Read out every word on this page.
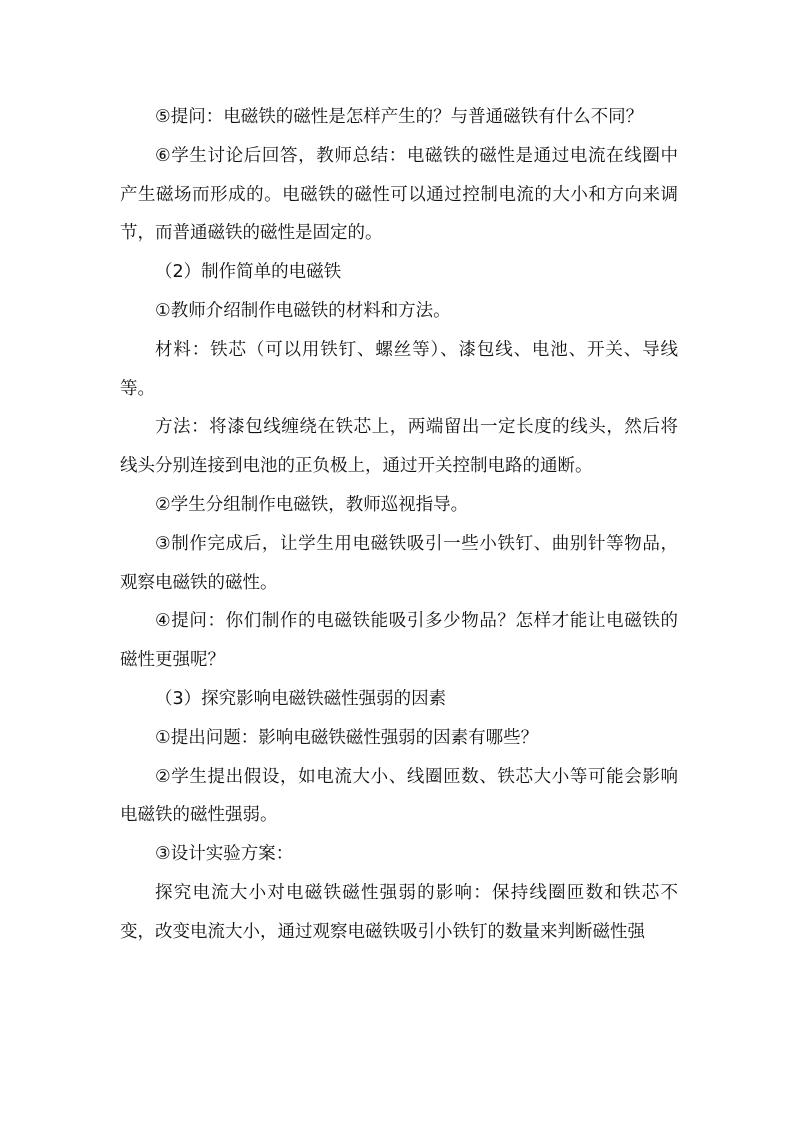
⑤提问：电磁铁的磁性是怎样产生的？与普通磁铁有什么不同？

⑥学生讨论后回答，教师总结：电磁铁的磁性是通过电流在线圈中产生磁场而形成的。电磁铁的磁性可以通过控制电流的大小和方向来调节，而普通磁铁的磁性是固定的。

（2）制作简单的电磁铁

①教师介绍制作电磁铁的材料和方法。

材料：铁芯（可以用铁钉、螺丝等）、漆包线、电池、开关、导线等。

方法：将漆包线缠绕在铁芯上，两端留出一定长度的线头，然后将线头分别连接到电池的正负极上，通过开关控制电路的通断。

②学生分组制作电磁铁，教师巡视指导。

③制作完成后，让学生用电磁铁吸引一些小铁钉、曲别针等物品，观察电磁铁的磁性。

④提问：你们制作的电磁铁能吸引多少物品？怎样才能让电磁铁的磁性更强呢？

（3）探究影响电磁铁磁性强弱的因素

①提出问题：影响电磁铁磁性强弱的因素有哪些？

②学生提出假设，如电流大小、线圈匝数、铁芯大小等可能会影响电磁铁的磁性强弱。

③设计实验方案：

探究电流大小对电磁铁磁性强弱的影响：保持线圈匝数和铁芯不变，改变电流大小，通过观察电磁铁吸引小铁钉的数量来判断磁性强
